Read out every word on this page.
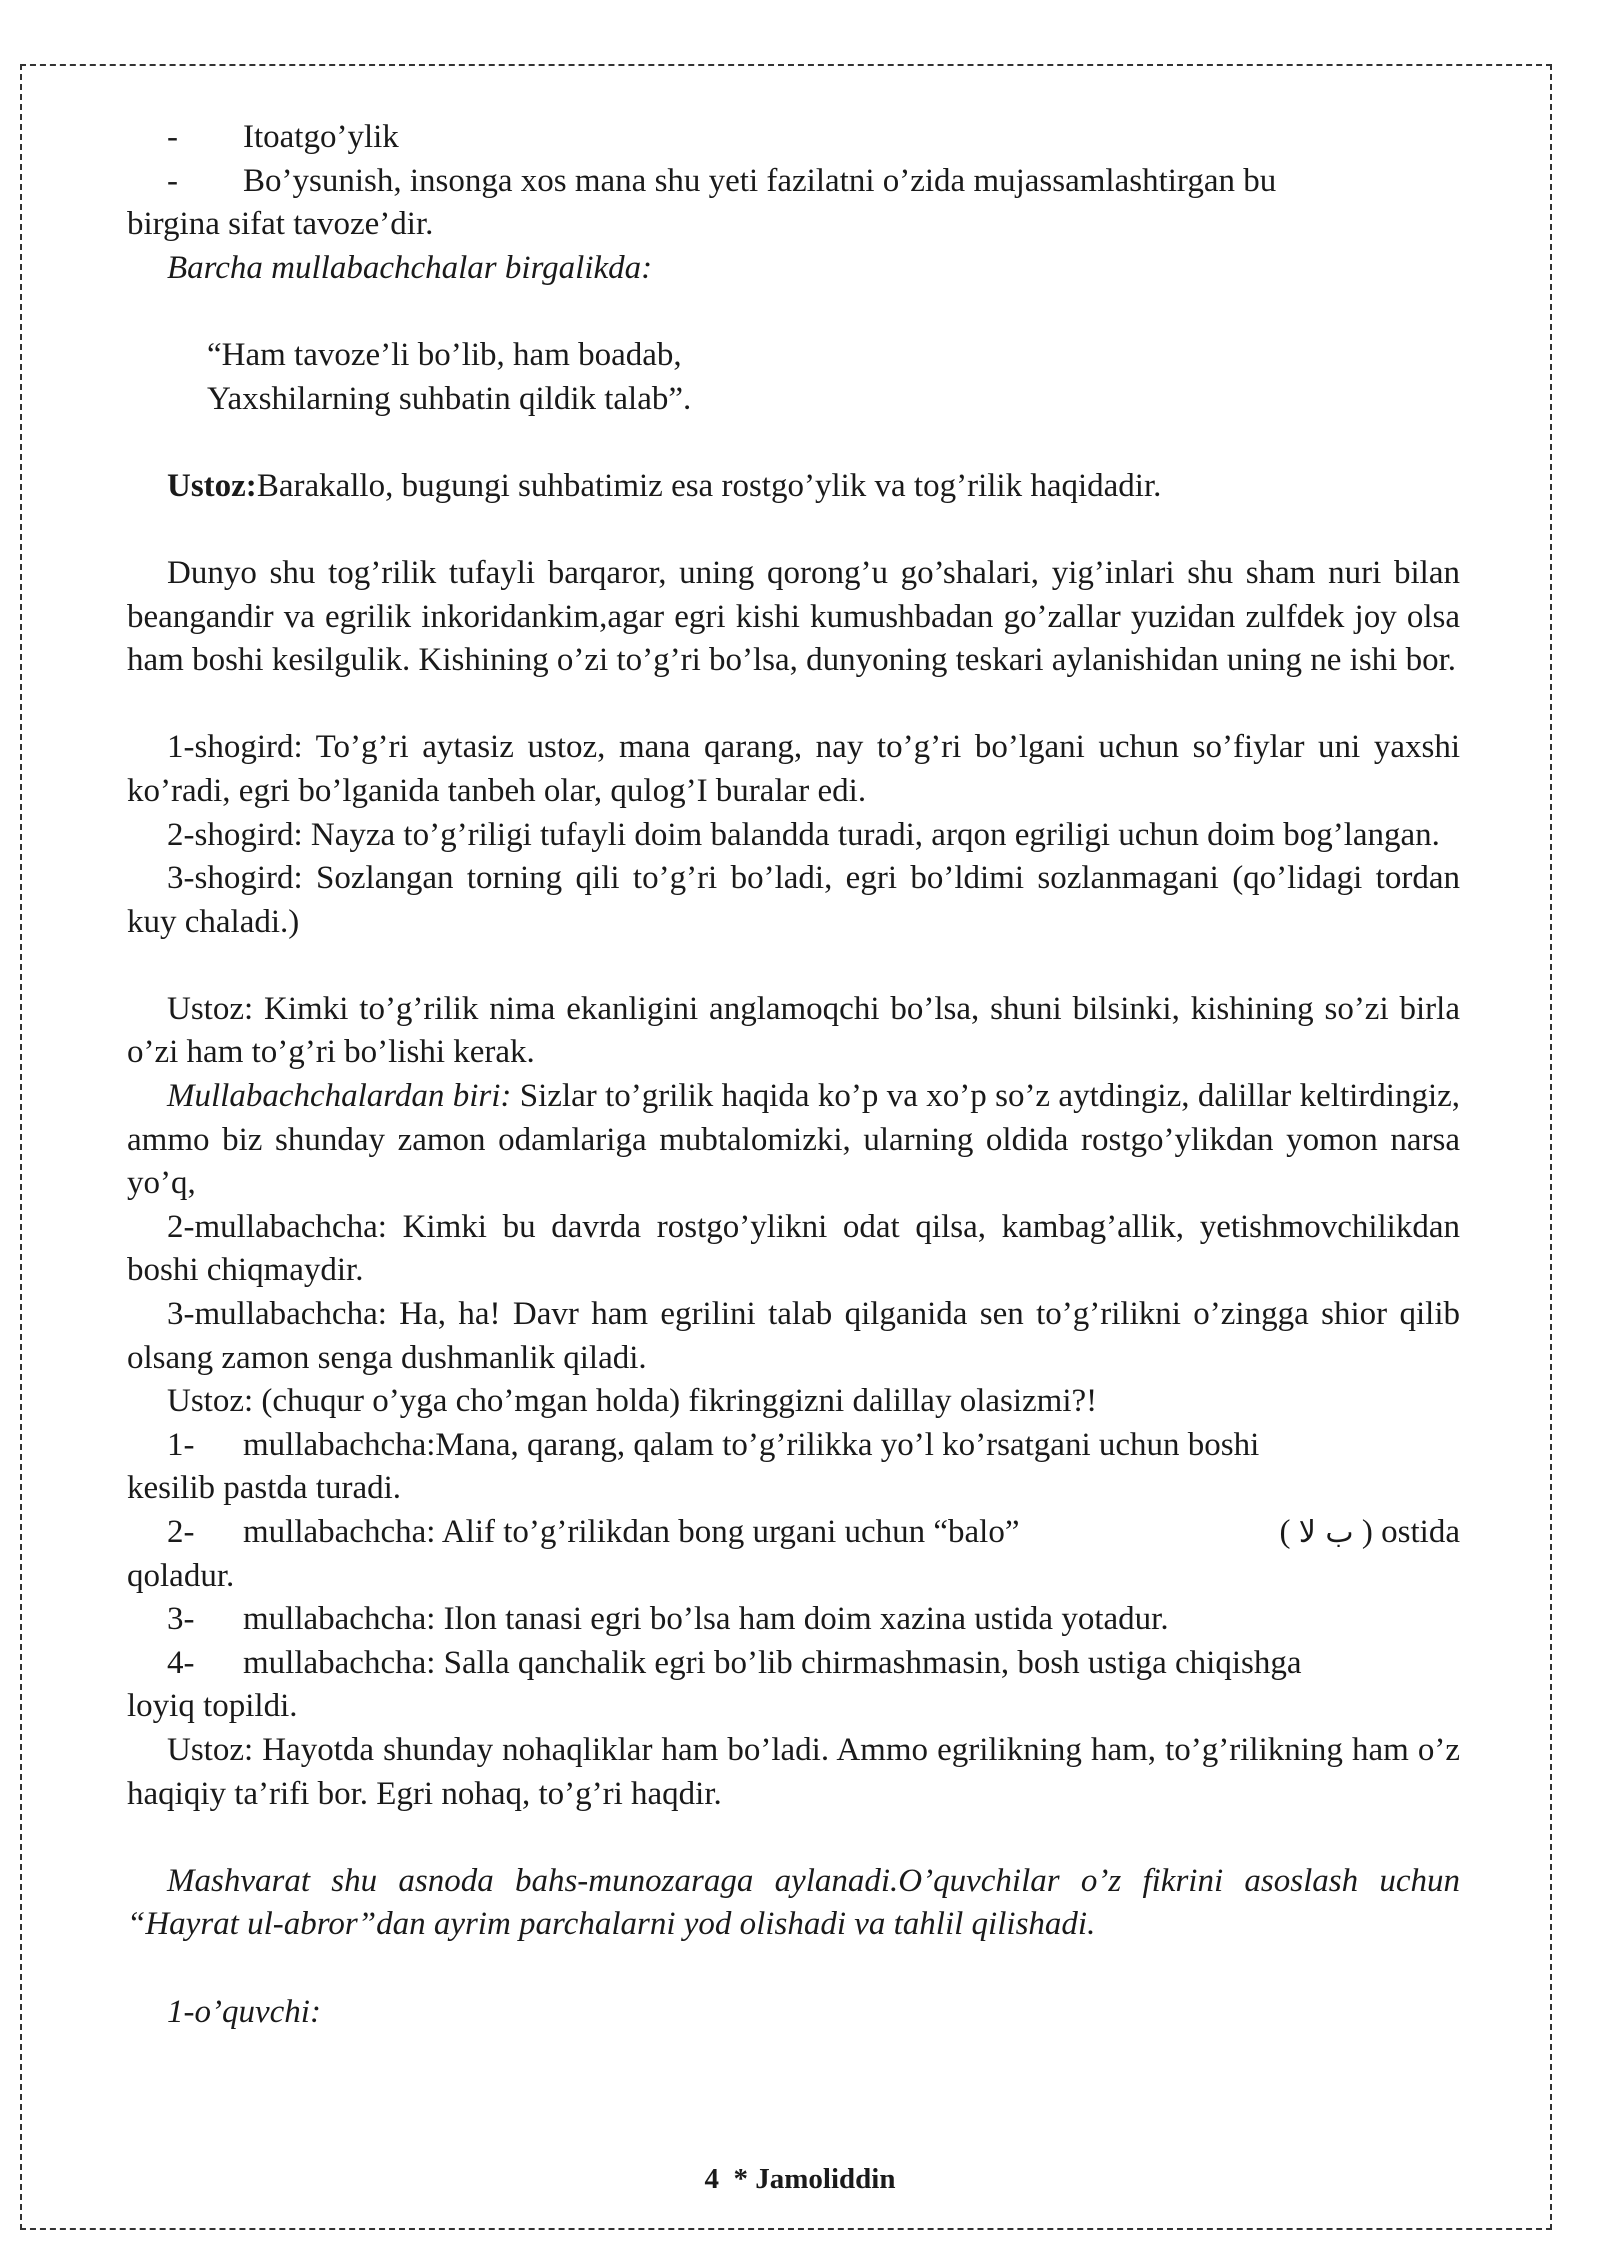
-	Itoatgo’ylik
-	Bo’ysunish, insonga xos mana shu yeti fazilatni o’zida mujassamlashtirgan bu

birgina sifat tavoze’dir.

Barcha mullabachchalar birgalikda:

“Ham tavoze’li bo’lib, ham boadab,

Yaxshilarning suhbatin qildik talab”.

Ustoz:Barakallo, bugungi suhbatimiz esa rostgo’ylik va tog’rilik haqidadir.

Dunyo shu tog’rilik tufayli barqaror, uning qorong’u go’shalari, yig’inlari shu sham nuri bilan beangandir va egrilik inkoridankim,agar egri kishi kumushbadan go’zallar yuzidan zulfdek joy olsa ham boshi kesilgulik. Kishining o’zi to’g’ri bo’lsa, dunyoning teskari aylanishidan uning ne ishi bor.

1-shogird: To’g’ri aytasiz ustoz, mana qarang, nay to’g’ri bo’lgani uchun so’fiylar uni yaxshi ko’radi, egri bo’lganida tanbeh olar, qulog’I buralar edi.

2-shogird: Nayza to’g’riligi tufayli doim balandda turadi, arqon egriligi uchun doim bog’langan.

3-shogird: Sozlangan torning qili to’g’ri bo’ladi, egri bo’ldimi sozlanmagani (qo’lidagi tordan kuy chaladi.)

Ustoz: Kimki to’g’rilik nima ekanligini anglamoqchi bo’lsa, shuni bilsinki, kishining so’zi birla o’zi ham to’g’ri bo’lishi kerak.

Mullabachchalardan biri: Sizlar to’grilik haqida ko’p va xo’p so’z aytdingiz, dalillar keltirdingiz, ammo biz shunday zamon odamlariga mubtalomizki, ularning oldida rostgo’ylikdan yomon narsa yo’q,

2-mullabachcha: Kimki bu davrda rostgo’ylikni odat qilsa, kambag’allik, yetishmovchilikdan boshi chiqmaydir.

3-mullabachcha: Ha, ha! Davr ham egrilini talab qilganida sen to’g’rilikni o’zingga shior qilib olsang zamon senga dushmanlik qiladi.

Ustoz: (chuqur o’yga cho’mgan holda) fikringgizni dalillay olasizmi?!

1-	mullabachcha:Mana, qarang, qalam to’g’rilikka yo’l ko’rsatgani uchun boshi

kesilib pastda turadi.

2-	mullabachcha: Alif to’g’rilikdan bong urgani uchun “balo”	( ب لا ) ostida

qoladur.

3-	mullabachcha: Ilon tanasi egri bo’lsa ham doim xazina ustida yotadur.
4-	mullabachcha: Salla qanchalik egri bo’lib chirmashmasin, bosh ustiga chiqishga

loyiq topildi.

Ustoz: Hayotda shunday nohaqliklar ham bo’ladi. Ammo egrilikning ham, to’g’rilikning ham o’z haqiqiy ta’rifi bor. Egri nohaq, to’g’ri haqdir.

Mashvarat shu asnoda bahs-munozaraga aylanadi.O’quvchilar o’z fikrini asoslash uchun “Hayrat ul-abror”dan ayrim parchalarni yod olishadi va tahlil qilishadi.

1-o’quvchi:

4 * Jamoliddin
